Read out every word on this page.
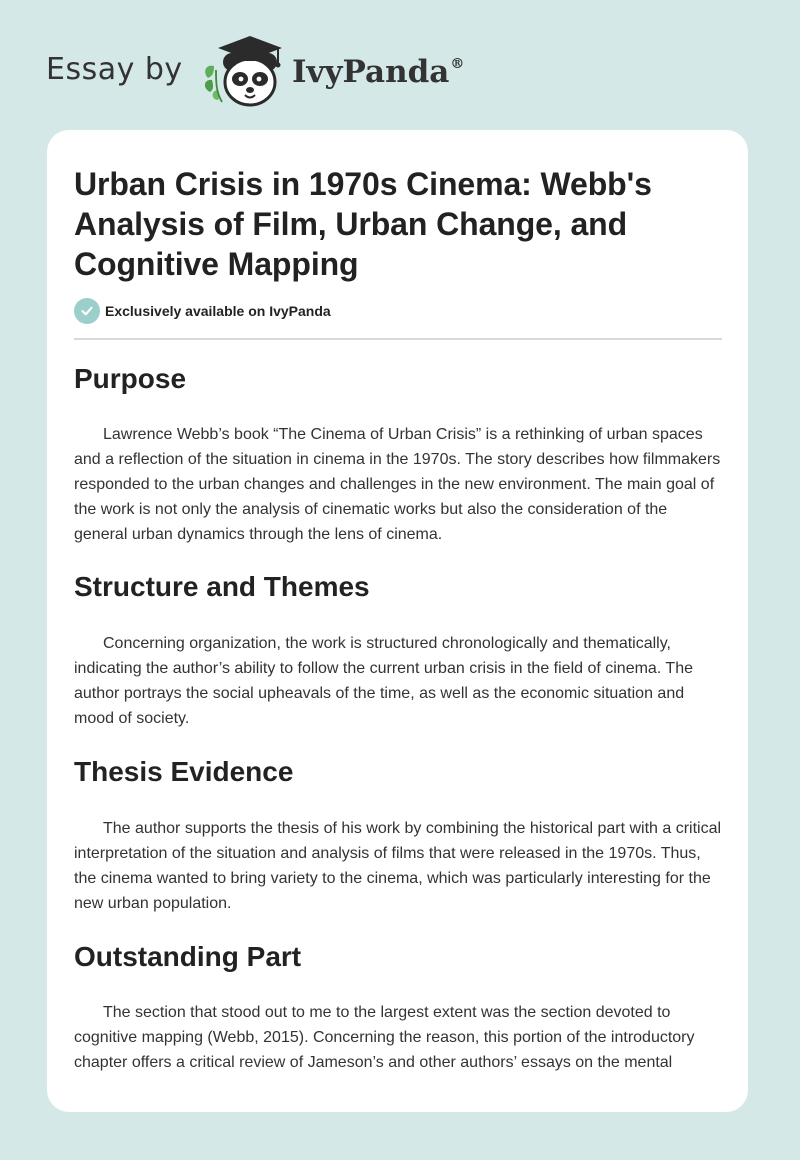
Essay by	IvyPanda®
Urban Crisis in 1970s Cinema: Webb's Analysis of Film, Urban Change, and Cognitive Mapping
Exclusively available on IvyPanda
Purpose

Lawrence Webb’s book “The Cinema of Urban Crisis” is a rethinking of urban spaces and a reflection of the situation in cinema in the 1970s. The story describes how filmmakers responded to the urban changes and challenges in the new environment. The main goal of the work is not only the analysis of cinematic works but also the consideration of the general urban dynamics through the lens of cinema.

Structure and Themes

Concerning organization, the work is structured chronologically and thematically, indicating the author’s ability to follow the current urban crisis in the field of cinema. The author portrays the social upheavals of the time, as well as the economic situation and mood of society.

Thesis Evidence

The author supports the thesis of his work by combining the historical part with a critical interpretation of the situation and analysis of films that were released in the 1970s. Thus, the cinema wanted to bring variety to the cinema, which was particularly interesting for the new urban population.

Outstanding Part

The section that stood out to me to the largest extent was the section devoted to cognitive mapping (Webb, 2015). Concerning the reason, this portion of the introductory chapter offers a critical review of Jameson’s and other authors’ essays on the mental
